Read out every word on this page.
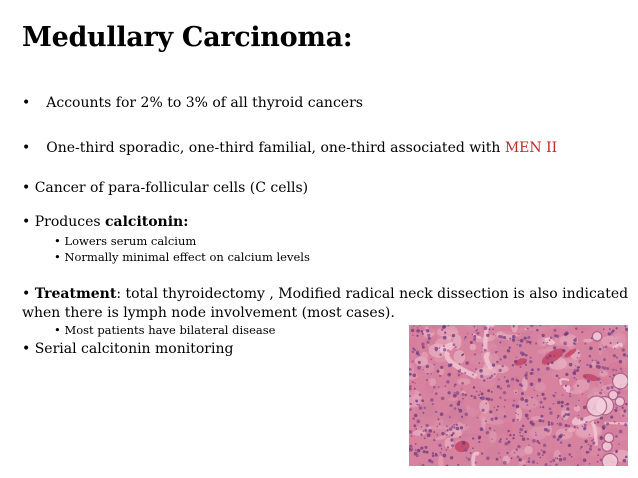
Medullary Carcinoma:
• Accounts for 2% to 3% of all thyroid cancers
• One-third sporadic, one-third familial, one-third associated with MEN II
• Cancer of para-follicular cells (C cells)
• Produces calcitonin:
• Lowers serum calcium
• Normally minimal effect on calcium levels
• Treatment: total thyroidectomy , Modified radical neck dissection is also indicated
when there is lymph node involvement (most cases).
• Most patients have bilateral disease
• Serial calcitonin monitoring
